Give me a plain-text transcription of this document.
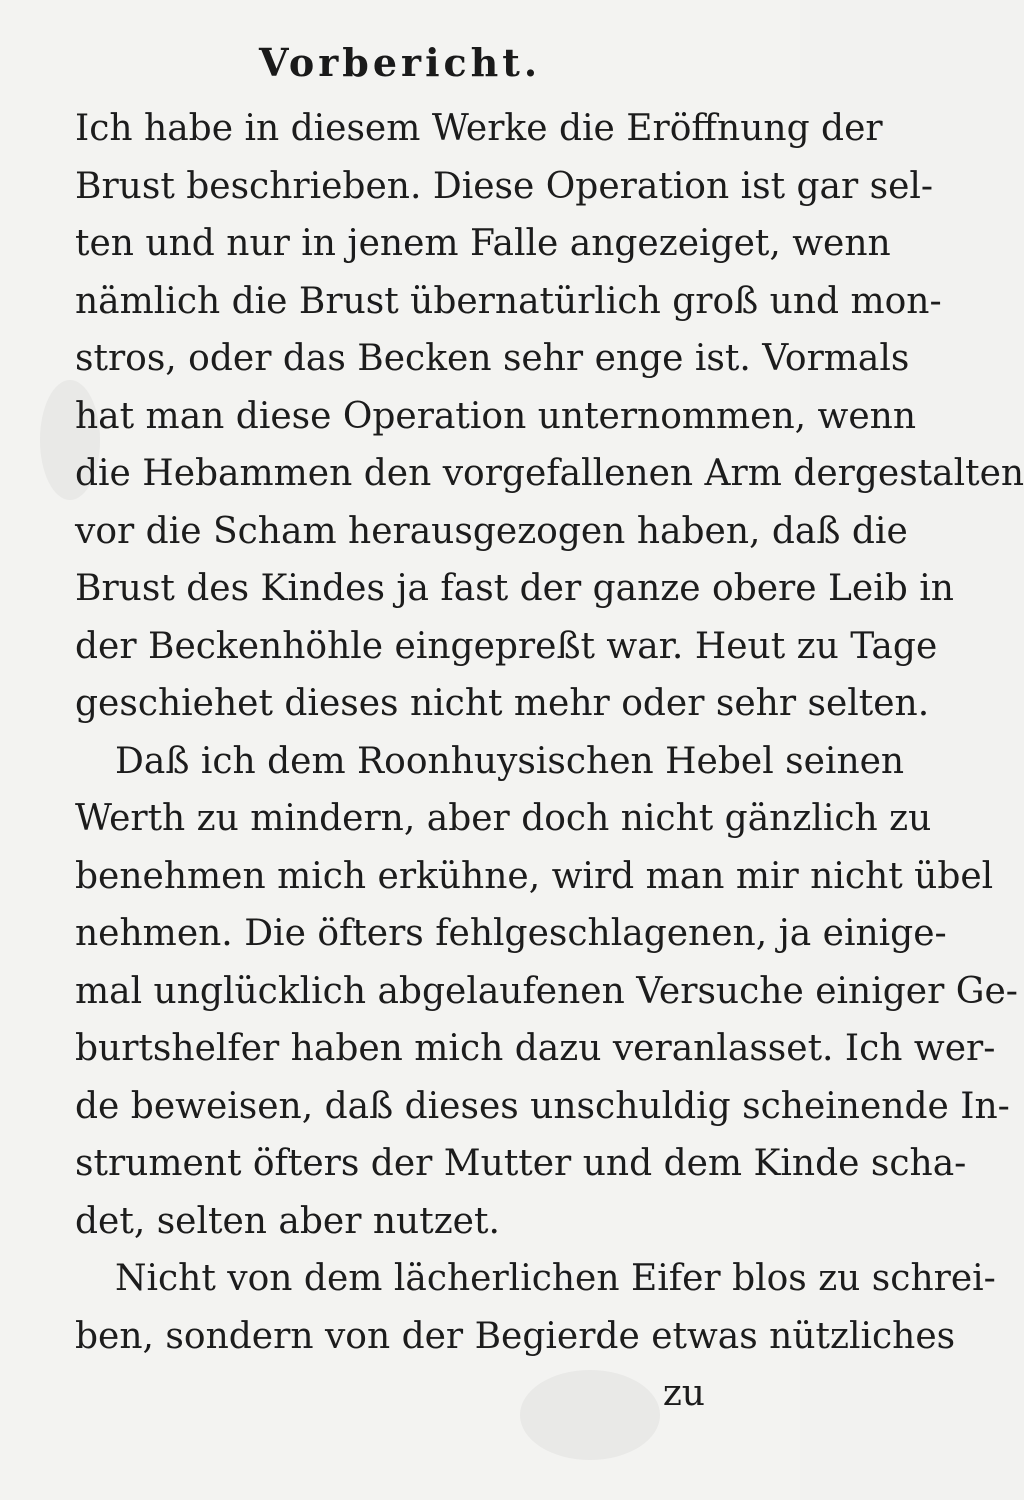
Vorbericht.
Ich habe in diesem Werke die Eröffnung der
Brust beschrieben. Diese Operation ist gar sel-
ten und nur in jenem Falle angezeiget, wenn
nämlich die Brust übernatürlich groß und mon-
stros, oder das Becken sehr enge ist. Vormals
hat man diese Operation unternommen, wenn
die Hebammen den vorgefallenen Arm dergestalten
vor die Scham herausgezogen haben, daß die
Brust des Kindes ja fast der ganze obere Leib in
der Beckenhöhle eingepreßt war. Heut zu Tage
geschiehet dieses nicht mehr oder sehr selten.
Daß ich dem Roonhuysischen Hebel seinen
Werth zu mindern, aber doch nicht gänzlich zu
benehmen mich erkühne, wird man mir nicht übel
nehmen. Die öfters fehlgeschlagenen, ja einige-
mal unglücklich abgelaufenen Versuche einiger Ge-
burtshelfer haben mich dazu veranlasset. Ich wer-
de beweisen, daß dieses unschuldig scheinende In-
strument öfters der Mutter und dem Kinde scha-
det, selten aber nutzet.
Nicht von dem lächerlichen Eifer blos zu schrei-
ben, sondern von der Begierde etwas nützliches
zu
